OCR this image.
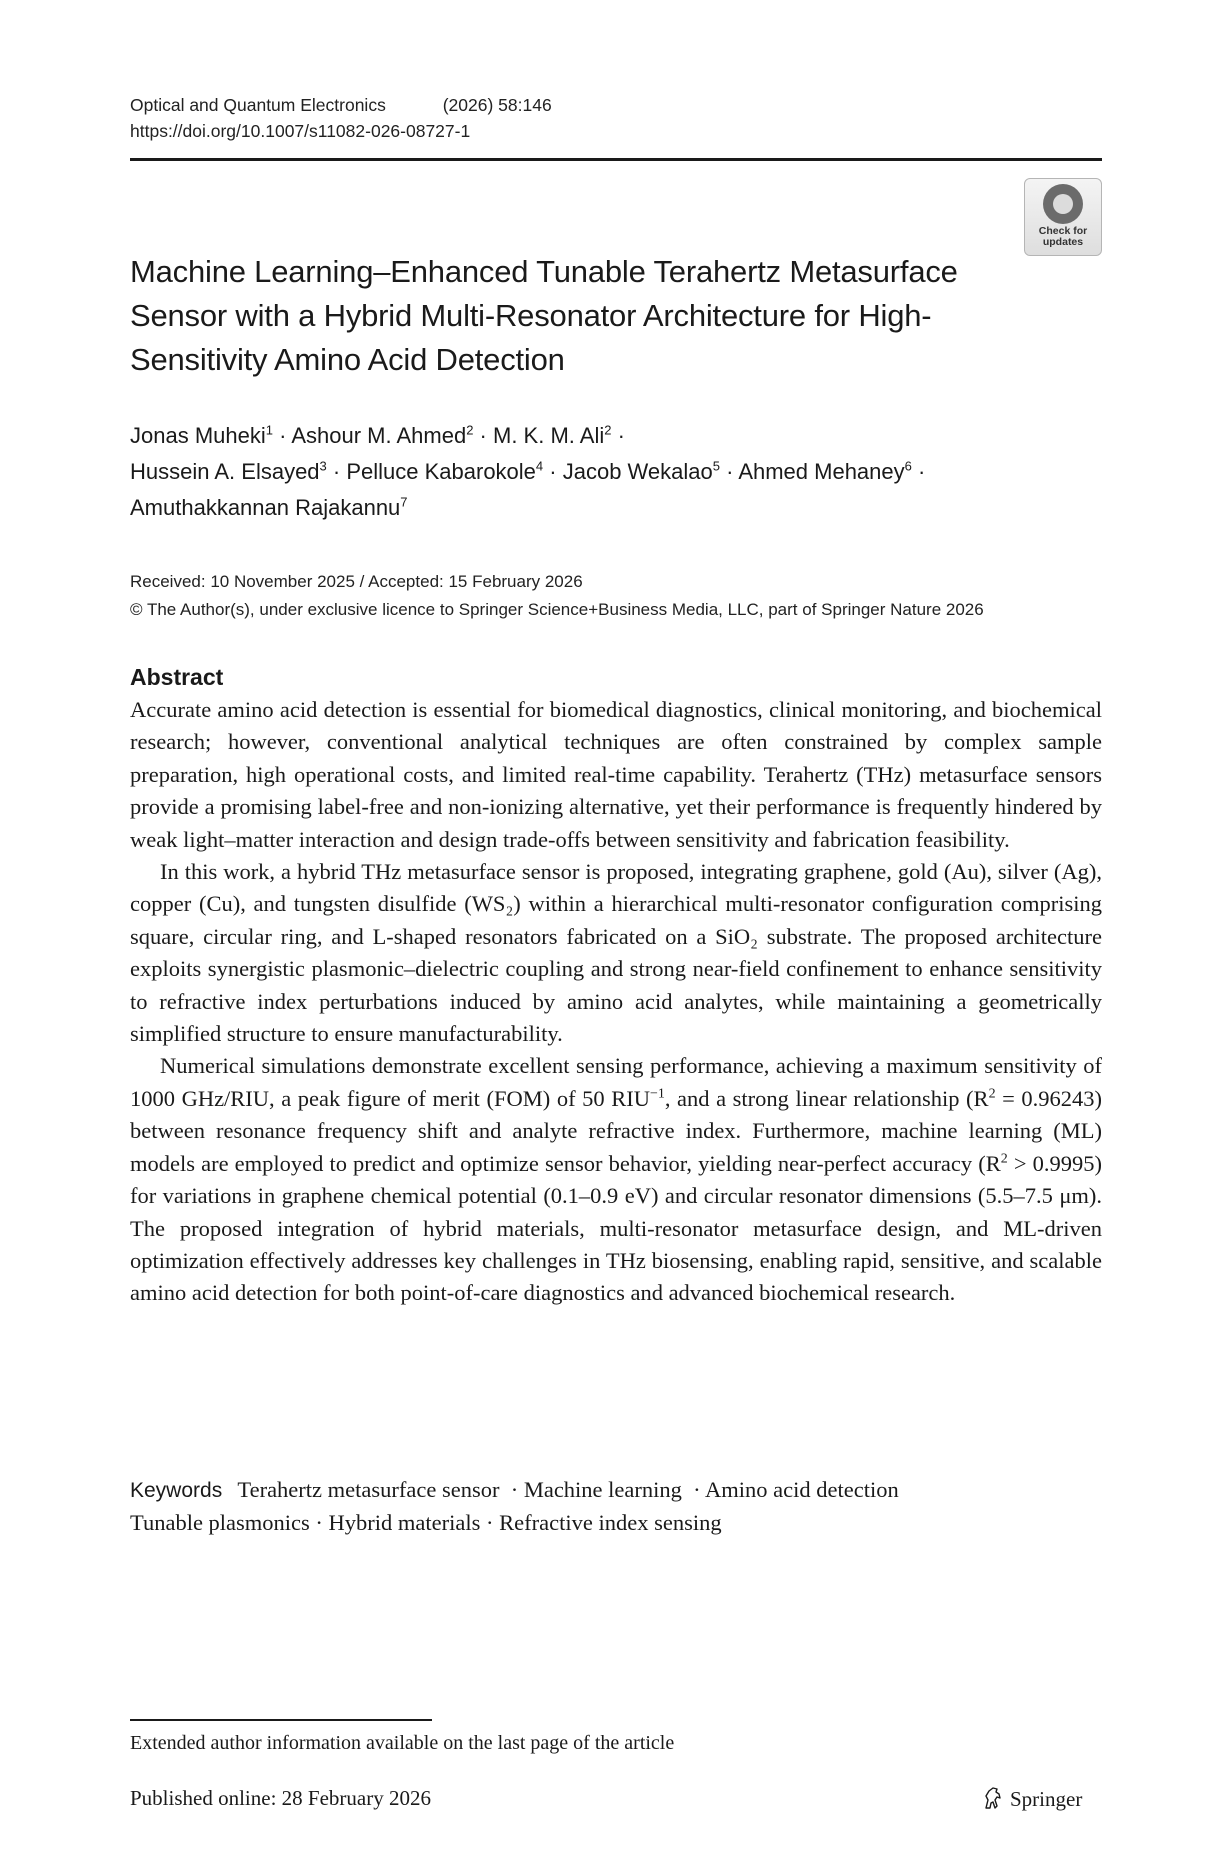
Optical and Quantum Electronics	(2026) 58:146
https://doi.org/10.1007/s11082-026-08727-1
Check for
updates
Machine Learning–Enhanced Tunable Terahertz Metasurface Sensor with a Hybrid Multi-Resonator Architecture for High-Sensitivity Amino Acid Detection
Jonas Muheki$^1$ · Ashour M. Ahmed$^2$ · M. K. M. Ali$^2$ ·
Hussein A. Elsayed$^3$ · Pelluce Kabarokole$^4$ · Jacob Wekalao$^5$ · Ahmed Mehaney$^6$ ·
Amuthakkannan Rajakannu$^7$
Received: 10 November 2025 / Accepted: 15 February 2026
© The Author(s), under exclusive licence to Springer Science+Business Media, LLC, part of Springer Nature 2026
Abstract

Accurate amino acid detection is essential for biomedical diagnostics, clinical monitoring, and biochemical research; however, conventional analytical techniques are often constrained by complex sample preparation, high operational costs, and limited real-time capability. Terahertz (THz) metasurface sensors provide a promising label-free and non-ionizing alternative, yet their performance is frequently hindered by weak light–matter interaction and design trade-offs between sensitivity and fabrication feasibility.

In this work, a hybrid THz metasurface sensor is proposed, integrating graphene, gold (Au), silver (Ag), copper (Cu), and tungsten disulfide (WS₂) within a hierarchical multi-resonator configuration comprising square, circular ring, and L-shaped resonators fabricated on a SiO₂ substrate. The proposed architecture exploits synergistic plasmonic–dielectric coupling and strong near-field confinement to enhance sensitivity to refractive index perturbations induced by amino acid analytes, while maintaining a geometrically simplified structure to ensure manufacturability.

Numerical simulations demonstrate excellent sensing performance, achieving a maximum sensitivity of 1000 GHz/RIU, a peak figure of merit (FOM) of 50 $RIU^{-1}$, and a strong linear relationship $(R^2 = 0.96243)$ between resonance frequency shift and analyte refractive index. Furthermore, machine learning (ML) models are employed to predict and optimize sensor behavior, yielding near-perfect accuracy $(R^2 > 0.9995)$ for variations in graphene chemical potential (0.1–0.9 eV) and circular resonator dimensions (5.5–7.5 μm). The proposed integration of hybrid materials, multi-resonator metasurface design, and ML-driven optimization effectively addresses key challenges in THz biosensing, enabling rapid, sensitive, and scalable amino acid detection for both point-of-care diagnostics and advanced biochemical research.

Keywords Terahertz metasurface sensor · Machine learning · Amino acid detection
Tunable plasmonics · Hybrid materials · Refractive index sensing
Extended author information available on the last page of the article
Published online: 28 February 2026	Springer
